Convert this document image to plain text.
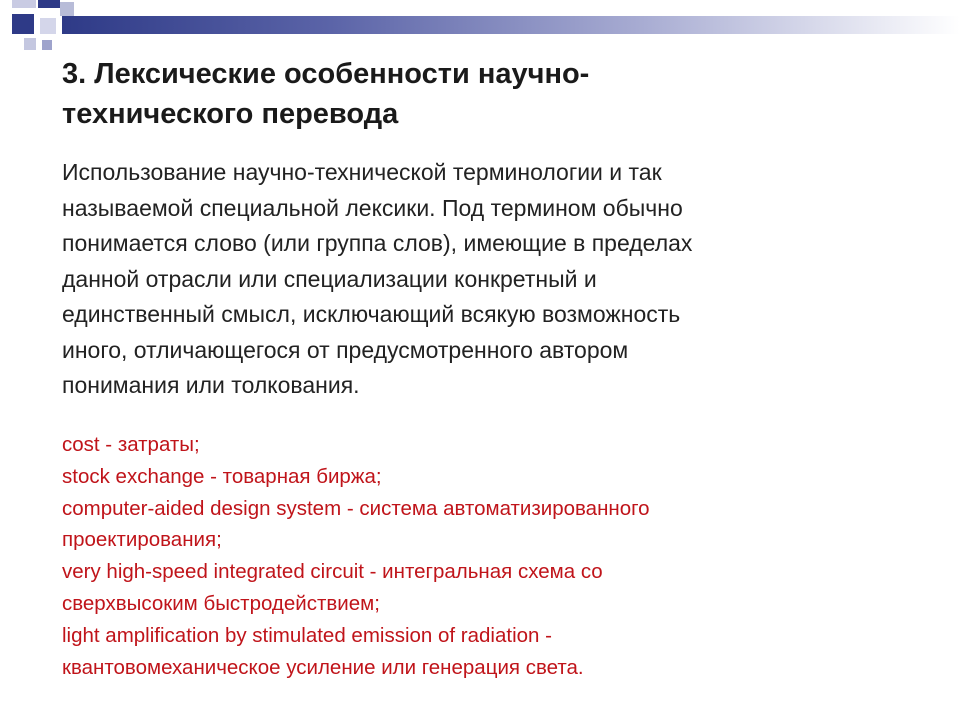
3. Лексические особенности научно-
технического перевода

Использование научно-технической терминологии и так
называемой специальной лексики. Под термином обычно
понимается слово (или группа слов), имеющие в пределах
данной отрасли или специализации конкретный и
единственный смысл, исключающий всякую возможность
иного, отличающегося от предусмотренного автором
понимания или толкования.

cost - затраты;
stock exchange - товарная биржа;
computer-aided design system - система автоматизированного
проектирования;
very high-speed integrated circuit - интегральная схема со
сверхвысоким быстродействием;
light amplification by stimulated emission of radiation -
квантовомеханическое усиление или генерация света.
